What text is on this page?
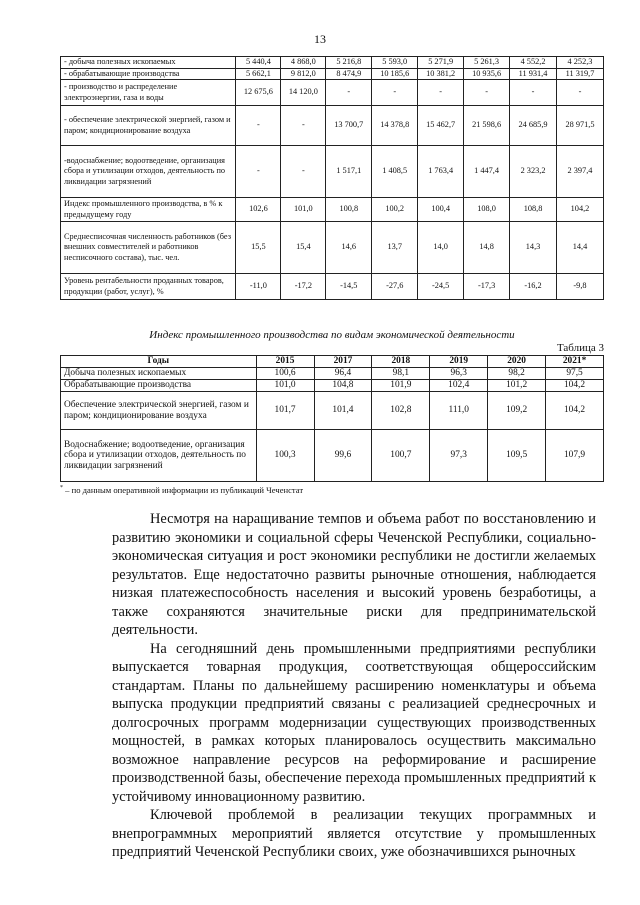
13
- добыча полезных ископаемых	5 440,4	4 868,0	5 216,8	5 593,0	5 271,9	5 261,3	4 552,2	4 252,3
- обрабатывающие производства	5 662,1	9 812,0	8 474,9	10 185,6	10 381,2	10 935,6	11 931,4	11 319,7
- производство и распределение электроэнергии, газа и воды	12 675,6	14 120,0	-	-	-	-	-	-
- обеспечение электрической энергией, газом и паром; кондиционирование воздуха	-	-	13 700,7	14 378,8	15 462,7	21 598,6	24 685,9	28 971,5
-водоснабжение; водоотведение, организация сбора и утилизации отходов, деятельность по ликвидации загрязнений	-	-	1 517,1	1 408,5	1 763,4	1 447,4	2 323,2	2 397,4
Индекс промышленного производства, в % к предыдущему году	102,6	101,0	100,8	100,2	100,4	108,0	108,8	104,2
Среднесписочная численность работников (без внешних совместителей и работников несписочного состава), тыс. чел.	15,5	15,4	14,6	13,7	14,0	14,8	14,3	14,4
Уровень рентабельности проданных товаров, продукции (работ, услуг), %	-11,0	-17,2	-14,5	-27,6	-24,5	-17,3	-16,2	-9,8
Индекс промышленного производства по видам экономической деятельности
Таблица 3
Годы	2015	2017	2018	2019	2020	2021*
Добыча полезных ископаемых	100,6	96,4	98,1	96,3	98,2	97,5
Обрабатывающие производства	101,0	104,8	101,9	102,4	101,2	104,2
Обеспечение электрической энергией, газом и паром; кондиционирование воздуха	101,7	101,4	102,8	111,0	109,2	104,2
Водоснабжение; водоотведение, организация сбора и утилизации отходов, деятельность по ликвидации загрязнений	100,3	99,6	100,7	97,3	109,5	107,9
* – по данным оперативной информации из публикаций Чеченстат

Несмотря на наращивание темпов и объема работ по восстановлению и развитию экономики и социальной сферы Чеченской Республики, социально-экономическая ситуация и рост экономики республики не достигли желаемых результатов. Еще недостаточно развиты рыночные отношения, наблюдается низкая платежеспособность населения и высокий уровень безработицы, а также сохраняются значительные риски для предпринимательской деятельности.

На сегодняшний день промышленными предприятиями республики выпускается товарная продукция, соответствующая общероссийским стандартам. Планы по дальнейшему расширению номенклатуры и объема выпуска продукции предприятий связаны с реализацией среднесрочных и долгосрочных программ модернизации существующих производственных мощностей, в рамках которых планировалось осуществить максимально возможное направление ресурсов на реформирование и расширение производственной базы, обеспечение перехода промышленных предприятий к устойчивому инновационному развитию.

Ключевой проблемой в реализации текущих программных и внепрограммных мероприятий является отсутствие у промышленных предприятий Чеченской Республики своих, уже обозначившихся рыночных
